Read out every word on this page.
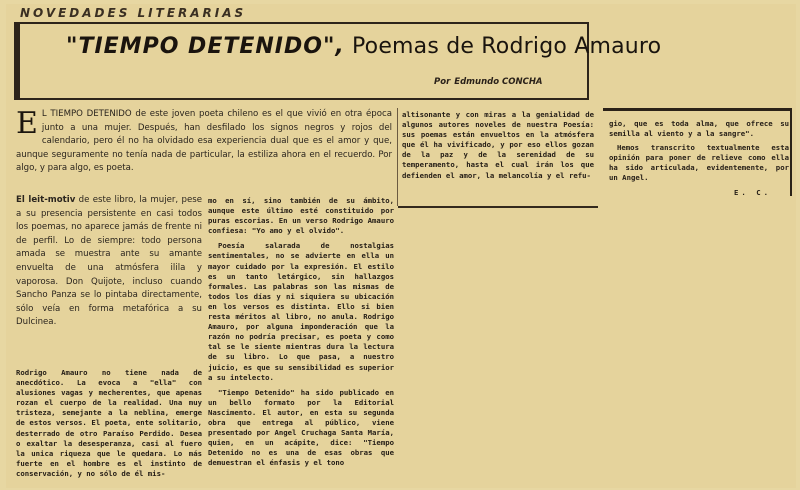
NOVEDADES LITERARIAS
"TIEMPO DETENIDO", Poemas de Rodrigo Amauro

Por Edmundo CONCHA

E L TIEMPO DETENIDO de este joven poeta chileno es el que vivió en otra época junto a una mujer. Después, han desfilado los signos negros y rojos del calendario, pero él no ha olvidado esa experiencia dual que es el amor y que, aunque seguramente no tenía nada de particular, la estiliza ahora en el recuerdo. Por algo, y para algo, es poeta.
El leit-motiv de este libro, la mujer, pese a su presencia persistente en casi todos los poemas, no aparece jamás de frente ni de perfil. Lo de siempre: todo persona amada se muestra ante su amante envuelta de una atmósfera ilila y vaporosa. Don Quijote, incluso cuando Sancho Panza se lo pintaba directamente, sólo veía en forma metafórica a su Dulcinea.

Rodrigo Amauro no tiene nada de anecdótico. La evoca a "ella" con alusiones vagas y mecherentes, que apenas rozan el cuerpo de la realidad. Una muy tristeza, semejante a la neblina, emerge de estos versos. El poeta, ente solitario, desterrado de otro Paraíso Perdido. Desea o exaltar la desesperanza, casi al fuero la unica riqueza que le quedara. Lo más fuerte en el hombre es el instinto de conservación, y no sólo de él mis-

mo en sí, sino también de su ámbito, aunque este último esté constituido por puras escorias. En un verso Rodrigo Amauro confiesa: "Yo amo y el olvido".

Poesía salarada de nostalgias sentimentales, no se advierte en ella un mayor cuidado por la expresión. El estilo es un tanto letárgico, sin hallazgos formales. Las palabras son las mismas de todos los días y ni siquiera su ubicación en los versos es distinta. Ello si bien resta méritos al libro, no anula. Rodrigo Amauro, por alguna imponderación que la razón no podría precisar, es poeta y como tal se le siente mientras dura la lectura de su libro. Lo que pasa, a nuestro juicio, es que su sensibilidad es superior a su intelecto.

"Tiempo Detenido" ha sido publicado en un bello formato por la Editorial Nascimento. El autor, en esta su segunda obra que entrega al público, viene presentado por Angel Cruchaga Santa María, quien, en un acápite, dice: "Tiempo Detenido no es una de esas obras que demuestran el énfasis y el tono

altisonante y con miras a la genialidad de algunos autores noveles de nuestra Poesía: sus poemas están envueltos en la atmósfera que él ha vivificado, y por eso ellos gozan de la paz y de la serenidad de su temperamento, hasta el cual irán los que defienden el amor, la melancolía y el refu-

gio, que es toda alma, que ofrece su semilla al viento y a la sangre".

Hemos transcrito textualmente esta opinión para poner de relieve como ella ha sido articulada, evidentemente, por un Angel.

E. C.
